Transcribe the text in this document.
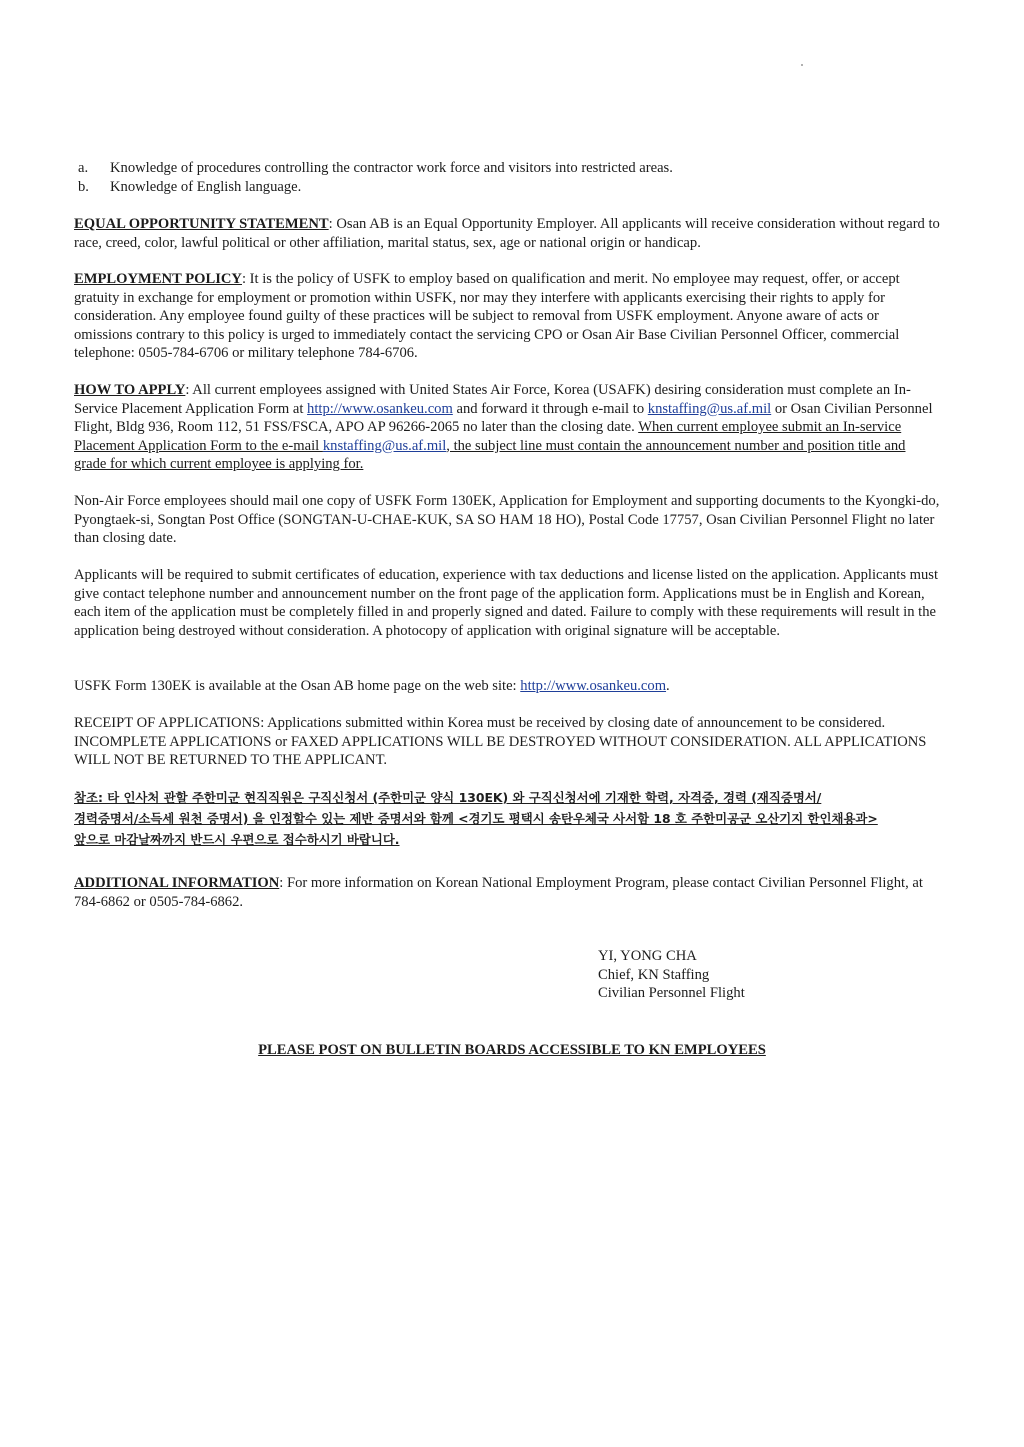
a. Knowledge of procedures controlling the contractor work force and visitors into restricted areas.
b. Knowledge of English language.

EQUAL OPPORTUNITY STATEMENT: Osan AB is an Equal Opportunity Employer. All applicants will receive consideration without regard to race, creed, color, lawful political or other affiliation, marital status, sex, age or national origin or handicap.

EMPLOYMENT POLICY: It is the policy of USFK to employ based on qualification and merit. No employee may request, offer, or accept gratuity in exchange for employment or promotion within USFK, nor may they interfere with applicants exercising their rights to apply for consideration. Any employee found guilty of these practices will be subject to removal from USFK employment. Anyone aware of acts or omissions contrary to this policy is urged to immediately contact the servicing CPO or Osan Air Base Civilian Personnel Officer, commercial telephone: 0505-784-6706 or military telephone 784-6706.

HOW TO APPLY: All current employees assigned with United States Air Force, Korea (USAFK) desiring consideration must complete an In-Service Placement Application Form at http://www.osankeu.com and forward it through e-mail to knstaffing@us.af.mil or Osan Civilian Personnel Flight, Bldg 936, Room 112, 51 FSS/FSCA, APO AP 96266-2065 no later than the closing date. When current employee submit an In-service Placement Application Form to the e-mail knstaffing@us.af.mil, the subject line must contain the announcement number and position title and grade for which current employee is applying for.

Non-Air Force employees should mail one copy of USFK Form 130EK, Application for Employment and supporting documents to the Kyongki-do, Pyongtaek-si, Songtan Post Office (SONGTAN-U-CHAE-KUK, SA SO HAM 18 HO), Postal Code 17757, Osan Civilian Personnel Flight no later than closing date.

Applicants will be required to submit certificates of education, experience with tax deductions and license listed on the application. Applicants must give contact telephone number and announcement number on the front page of the application form. Applications must be in English and Korean, each item of the application must be completely filled in and properly signed and dated. Failure to comply with these requirements will result in the application being destroyed without consideration. A photocopy of application with original signature will be acceptable.

USFK Form 130EK is available at the Osan AB home page on the web site: http://www.osankeu.com.

RECEIPT OF APPLICATIONS: Applications submitted within Korea must be received by closing date of announcement to be considered. INCOMPLETE APPLICATIONS or FAXED APPLICATIONS WILL BE DESTROYED WITHOUT CONSIDERATION. ALL APPLICATIONS WILL NOT BE RETURNED TO THE APPLICANT.

참조: 타 인사처 관할 주한미군 현직직원은 구직신청서 (주한미군 양식 130EK) 와 구직신청서에 기재한 학력, 자격증, 경력 (재직증명서/
경력증명서/소득세 원천 증명서) 을 인정할수 있는 제반 증명서와 함께 <경기도 평택시 송탄우체국 사서함 18 호 주한미공군 오산기지 한인채용과>
앞으로 마감날짜까지 반드시 우편으로 접수하시기 바랍니다.

ADDITIONAL INFORMATION: For more information on Korean National Employment Program, please contact Civilian Personnel Flight, at 784-6862 or 0505-784-6862.

YI, YONG CHA
Chief, KN Staffing
Civilian Personnel Flight
PLEASE POST ON BULLETIN BOARDS ACCESSIBLE TO KN EMPLOYEES
